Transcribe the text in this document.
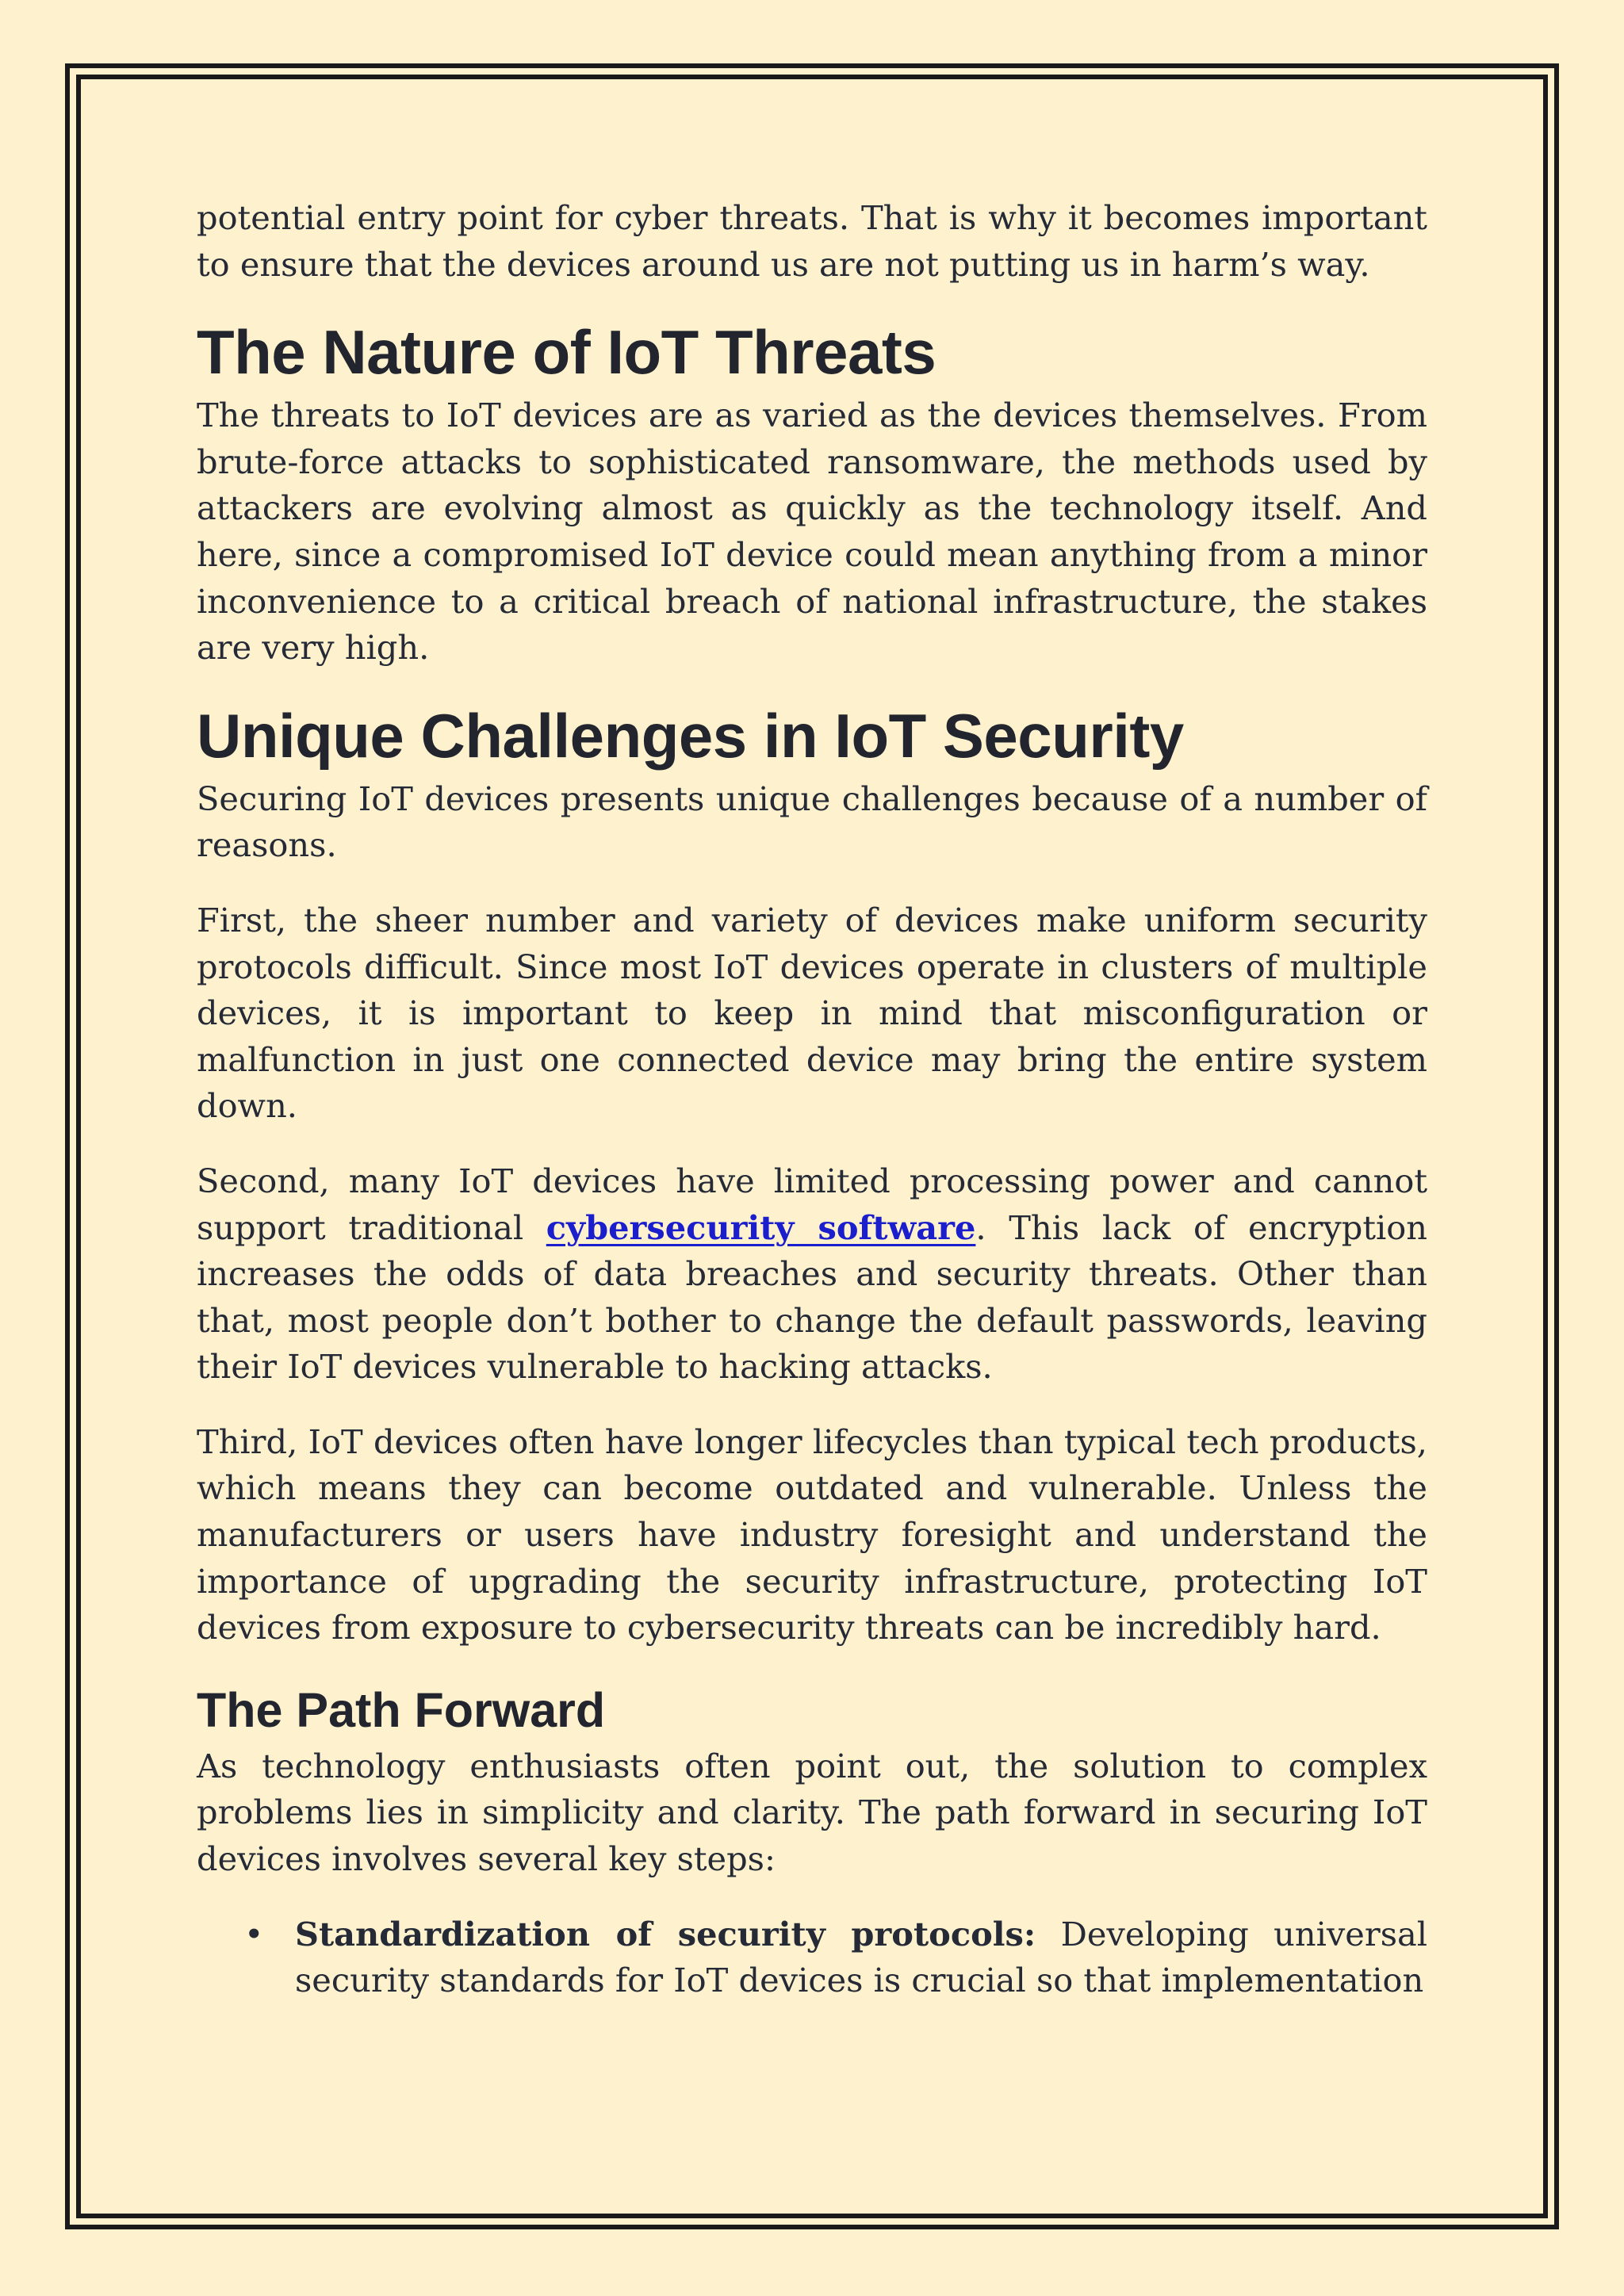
potential entry point for cyber threats. That is why it becomes important to ensure that the devices around us are not putting us in harm’s way.

The Nature of IoT Threats

The threats to IoT devices are as varied as the devices themselves. From brute-force attacks to sophisticated ransomware, the methods used by attackers are evolving almost as quickly as the technology itself. And here, since a compromised IoT device could mean anything from a minor inconvenience to a critical breach of national infrastructure, the stakes are very high.

Unique Challenges in IoT Security

Securing IoT devices presents unique challenges because of a number of reasons.

First, the sheer number and variety of devices make uniform security protocols difficult. Since most IoT devices operate in clusters of multiple devices, it is important to keep in mind that misconfiguration or malfunction in just one connected device may bring the entire system down.

Second, many IoT devices have limited processing power and cannot support traditional cybersecurity software. This lack of encryption increases the odds of data breaches and security threats. Other than that, most people don’t bother to change the default passwords, leaving their IoT devices vulnerable to hacking attacks.

Third, IoT devices often have longer lifecycles than typical tech products, which means they can become outdated and vulnerable. Unless the manufacturers or users have industry foresight and understand the importance of upgrading the security infrastructure, protecting IoT devices from exposure to cybersecurity threats can be incredibly hard.

The Path Forward

As technology enthusiasts often point out, the solution to complex problems lies in simplicity and clarity. The path forward in securing IoT devices involves several key steps:

• Standardization of security protocols: Developing universal security standards for IoT devices is crucial so that implementation
